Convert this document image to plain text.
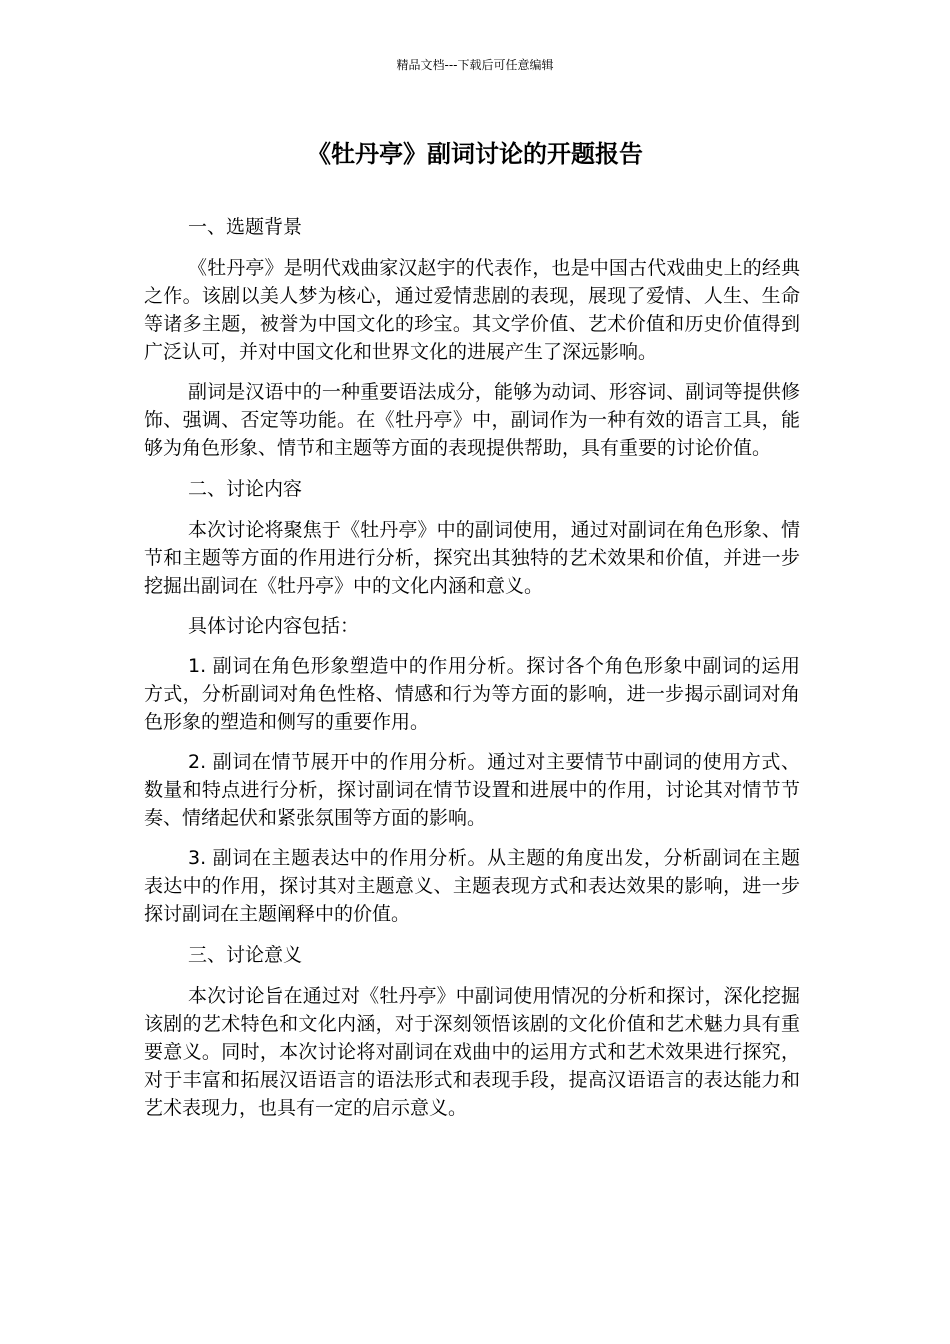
精品文档---下载后可任意编辑
《牡丹亭》副词讨论的开题报告
一、选题背景

《牡丹亭》是明代戏曲家汉赵宇的代表作，也是中国古代戏曲史上的经典之作。该剧以美人梦为核心，通过爱情悲剧的表现，展现了爱情、人生、生命等诸多主题，被誉为中国文化的珍宝。其文学价值、艺术价值和历史价值得到广泛认可，并对中国文化和世界文化的进展产生了深远影响。

副词是汉语中的一种重要语法成分，能够为动词、形容词、副词等提供修饰、强调、否定等功能。在《牡丹亭》中，副词作为一种有效的语言工具，能够为角色形象、情节和主题等方面的表现提供帮助，具有重要的讨论价值。

二、讨论内容

本次讨论将聚焦于《牡丹亭》中的副词使用，通过对副词在角色形象、情节和主题等方面的作用进行分析，探究出其独特的艺术效果和价值，并进一步挖掘出副词在《牡丹亭》中的文化内涵和意义。

具体讨论内容包括：

1. 副词在角色形象塑造中的作用分析。探讨各个角色形象中副词的运用方式，分析副词对角色性格、情感和行为等方面的影响，进一步揭示副词对角色形象的塑造和侧写的重要作用。

2. 副词在情节展开中的作用分析。通过对主要情节中副词的使用方式、数量和特点进行分析，探讨副词在情节设置和进展中的作用，讨论其对情节节奏、情绪起伏和紧张氛围等方面的影响。

3. 副词在主题表达中的作用分析。从主题的角度出发，分析副词在主题表达中的作用，探讨其对主题意义、主题表现方式和表达效果的影响，进一步探讨副词在主题阐释中的价值。

三、讨论意义

本次讨论旨在通过对《牡丹亭》中副词使用情况的分析和探讨，深化挖掘该剧的艺术特色和文化内涵，对于深刻领悟该剧的文化价值和艺术魅力具有重要意义。同时，本次讨论将对副词在戏曲中的运用方式和艺术效果进行探究，对于丰富和拓展汉语语言的语法形式和表现手段，提高汉语语言的表达能力和艺术表现力，也具有一定的启示意义。
